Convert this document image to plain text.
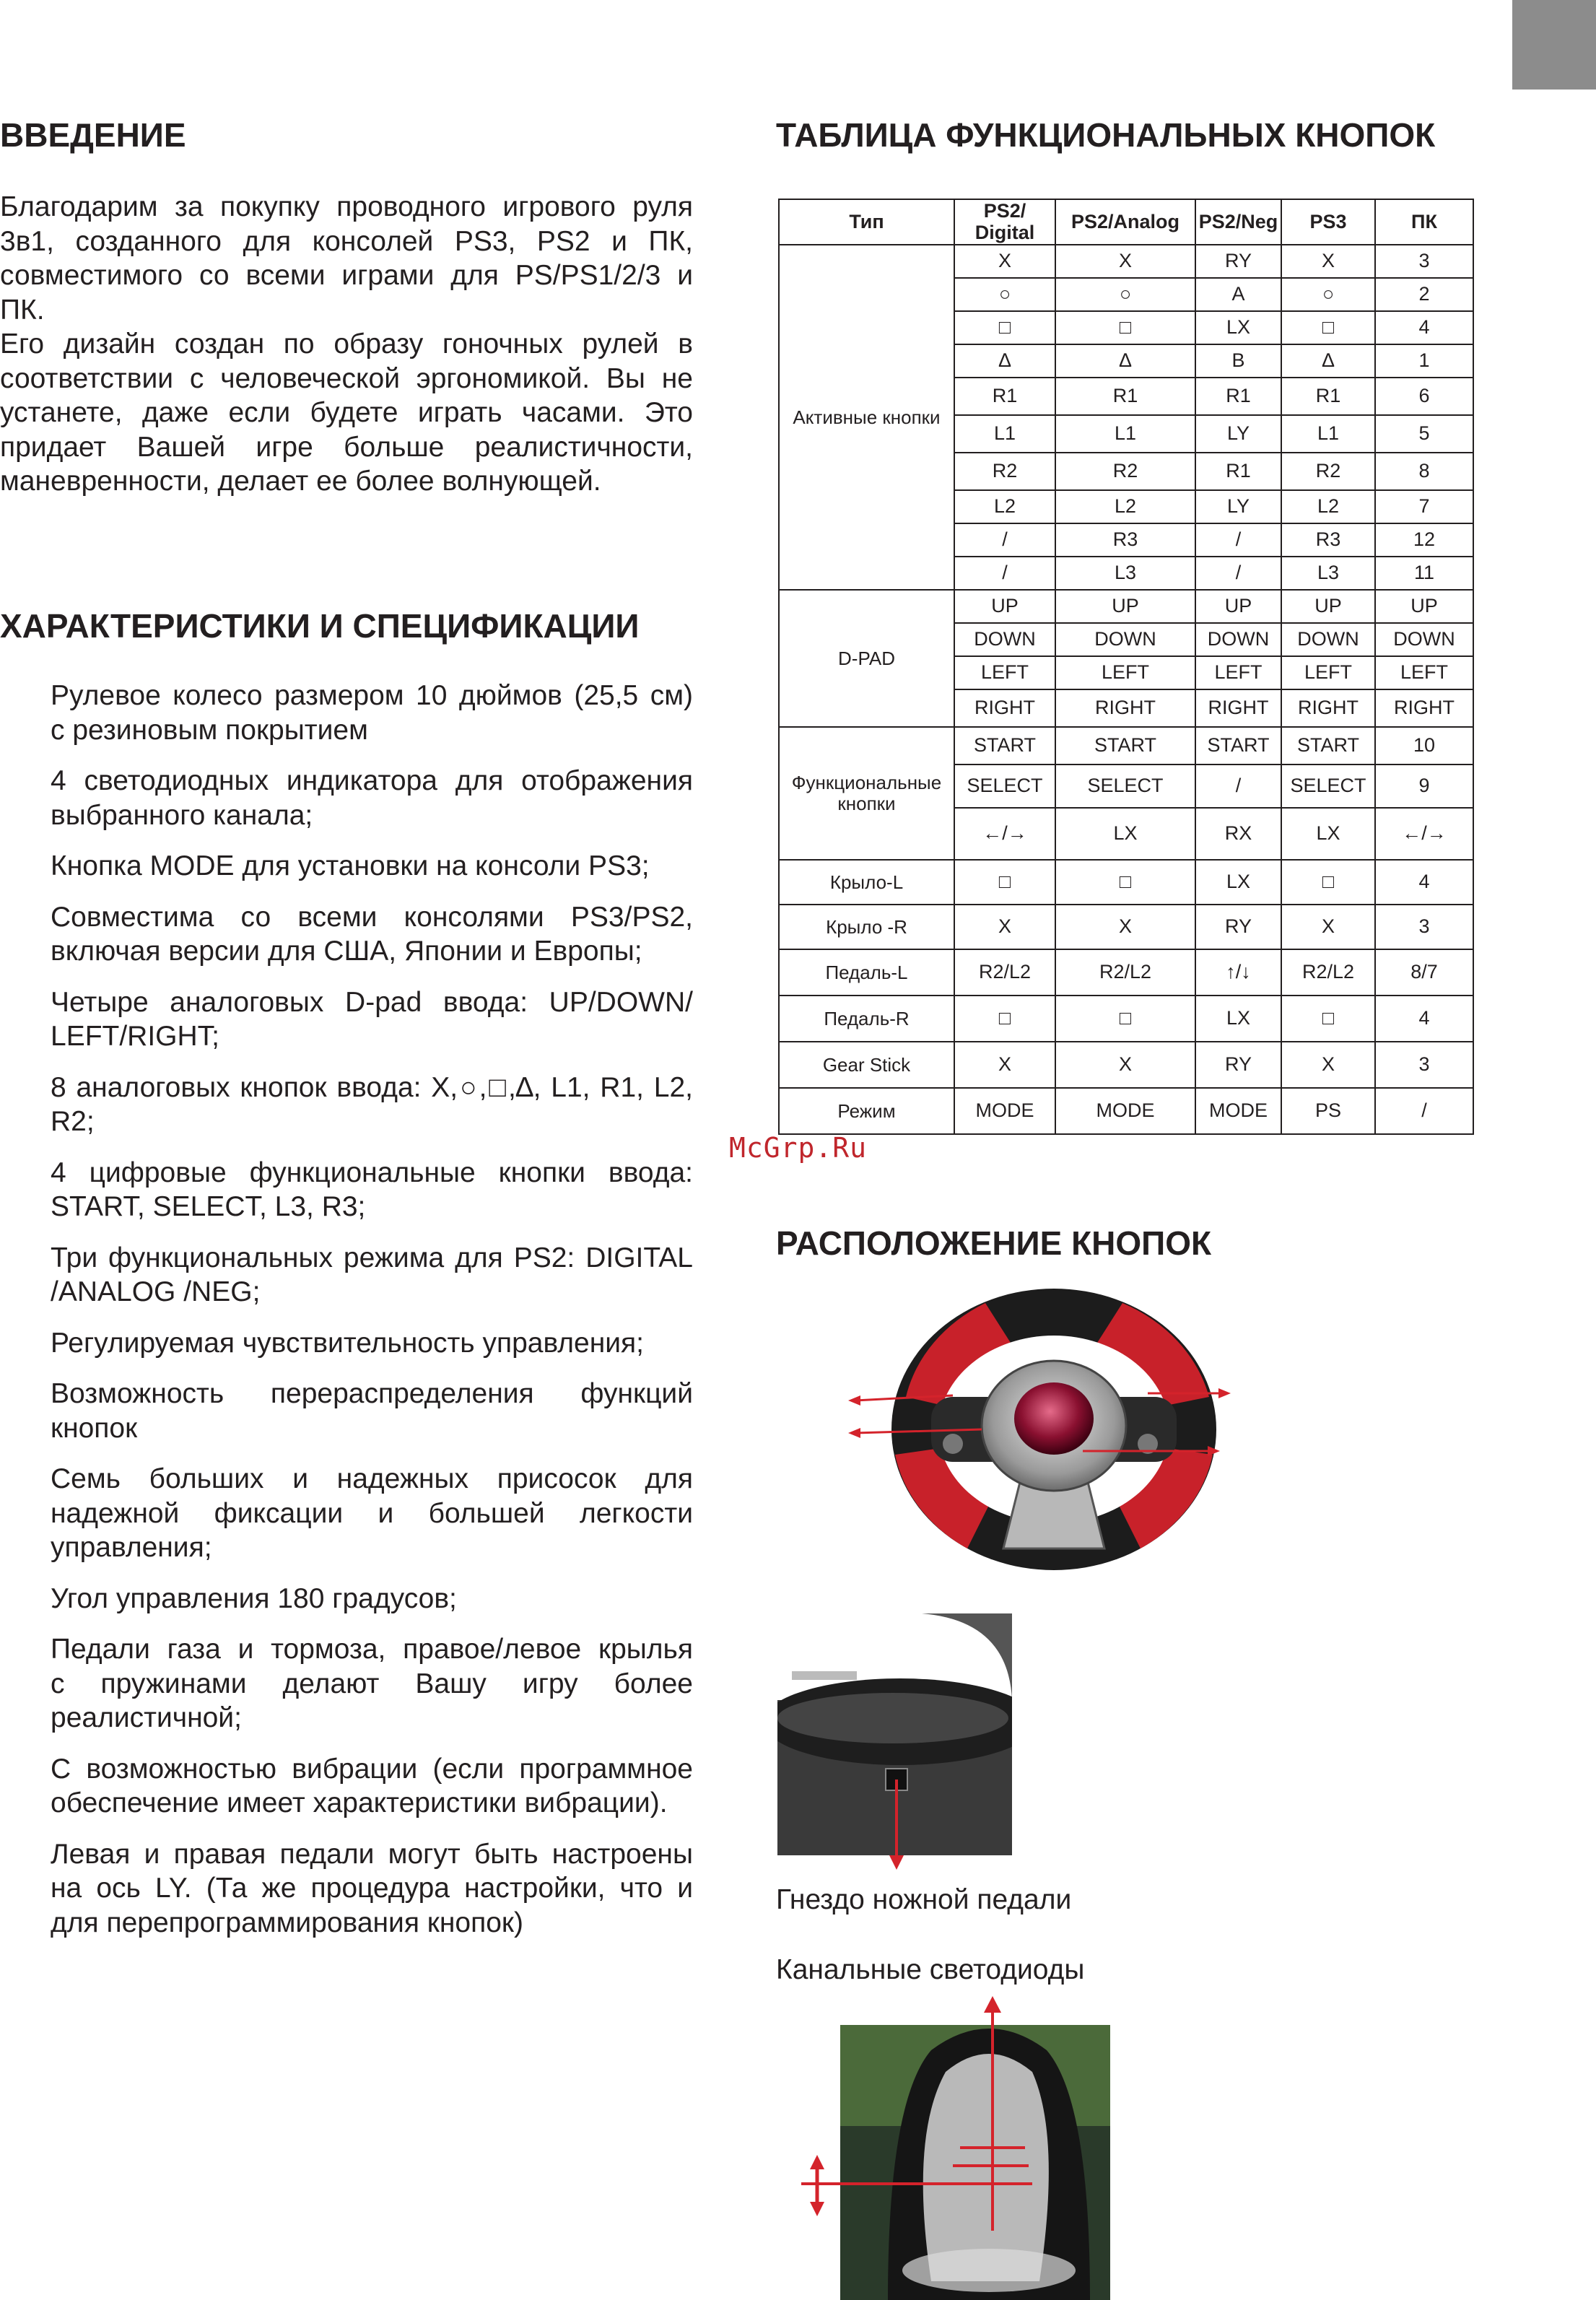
ВВЕДЕНИЕ	ТАБЛИЦА ФУНКЦИОНАЛЬНЫХ КНОПОК
ХАРАКТЕРИСТИКИ И СПЕЦИФИКАЦИИ
РАСПОЛОЖЕНИЕ КНОПОК

Благодарим за покупку проводного игрового руля 3в1, созданного для консолей PS3, PS2 и ПК, совместимого со всеми играми для PS/PS1/2/3 и ПК.

Его дизайн создан по образу гоночных рулей в соответствии с человеческой эргономикой. Вы не устанете, даже если будете играть часами. Это придает Вашей игре больше реалистичности, маневренности, делает ее более волнующей.

Рулевое колесо размером 10 дюймов (25,5 см)
с резиновым покрытием
4 светодиодных индикатора для отображения
выбранного канала;
Кнопка MODE для установки на консоли PS3;
Совместима со всеми консолями PS3/PS2,
включая версии для США, Японии и Европы;
Четыре аналоговых D-pad ввода: UP/DOWN/
LEFT/RIGHT;
8 аналоговых кнопок ввода: X,○,□,∆, L1, R1, L2,
R2;
4 цифровые функциональные кнопки ввода:
START, SELECT, L3, R3;
Три функциональных режима для PS2: DIGITAL
/ANALOG /NEG;
Регулируемая чувствительность управления;
Возможность перераспределения функций
кнопок
Семь больших и надежных присосок для
надежной фиксации и большей легкости
управления;
Угол управления 180 градусов;
Педали газа и тормоза, правое/левое крылья
с пружинами делают Вашу игру более
реалистичной;
С возможностью вибрации (если программное
обеспечение имеет характеристики вибрации).
Левая и правая педали могут быть настроены
на ось LY. (Та же процедура настройки, что и
для перепрограммирования кнопок)
Тип	PS2/ Digital	PS2/Analog	PS2/Neg	PS3	ПК
Активные кнопки	X	X	RY	X	3
	○	○	A	○	2
	□	□	LX	□	4
	∆	∆	B	∆	1
	R1	R1	R1	R1	6
	L1	L1	LY	L1	5
	R2	R2	R1	R2	8
	L2	L2	LY	L2	7
	/	R3	/	R3	12
	/	L3	/	L3	11
D-PAD	UP	UP	UP	UP	UP
	DOWN	DOWN	DOWN	DOWN	DOWN
	LEFT	LEFT	LEFT	LEFT	LEFT
	RIGHT	RIGHT	RIGHT	RIGHT	RIGHT
Функциональные кнопки	START	START	START	START	10
	SELECT	SELECT	/	SELECT	9
	←/→	LX	RX	LX	←/→
Крыло-L	□	□	LX	□	4
Крыло -R	X	X	RY	X	3
Педаль-L	R2/L2	R2/L2	↑/↓	R2/L2	8/7
Педаль-R	□	□	LX	□	4
Gear Stick	X	X	RY	X	3
Режим	MODE	MODE	MODE	PS	/
McGrp.Ru
Гнездо ножной педали
Канальные светодиоды
